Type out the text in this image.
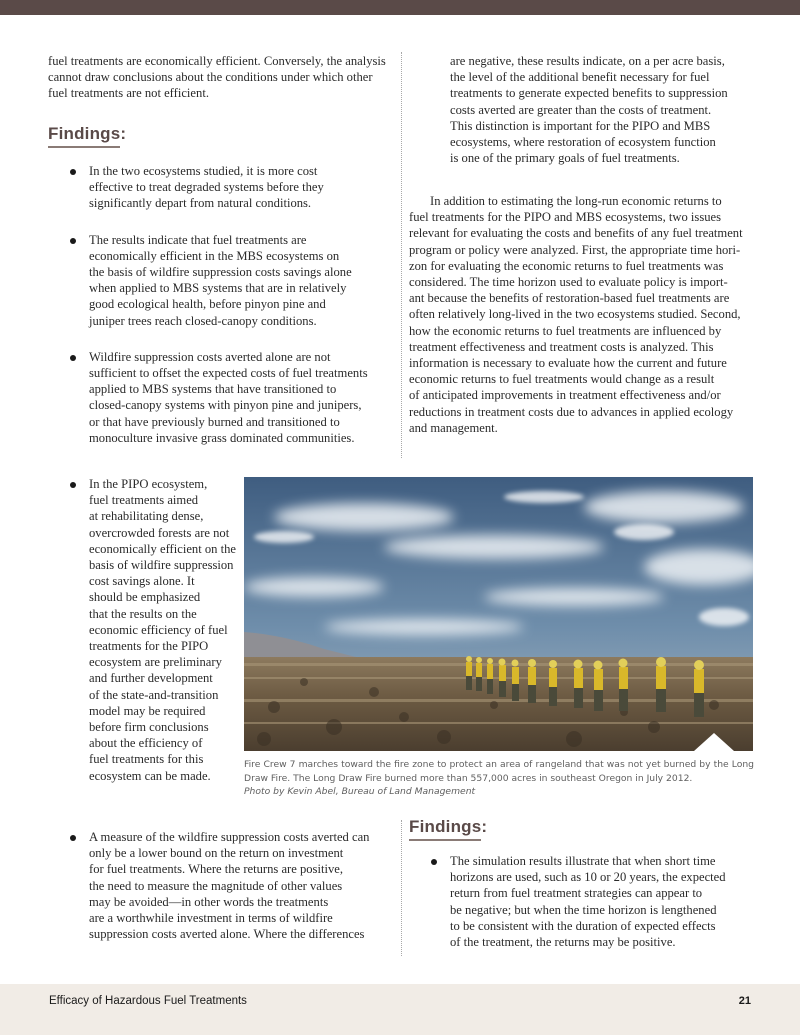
fuel treatments are economically efficient. Conversely, the analysis
cannot draw conclusions about the conditions under which other
fuel treatments are not efficient.
Findings:
In the two ecosystems studied, it is more cost
effective to treat degraded systems before they
significantly depart from natural conditions.
The results indicate that fuel treatments are
economically efficient in the MBS ecosystems on
the basis of wildfire suppression costs savings alone
when applied to MBS systems that are in relatively
good ecological health, before pinyon pine and
juniper trees reach closed-canopy conditions.
Wildfire suppression costs averted alone are not
sufficient to offset the expected costs of fuel treatments
applied to MBS systems that have transitioned to
closed-canopy systems with pinyon pine and junipers,
or that have previously burned and transitioned to
monoculture invasive grass dominated communities.
are negative, these results indicate, on a per acre basis,
the level of the additional benefit necessary for fuel
treatments to generate expected benefits to suppression
costs averted are greater than the costs of treatment.
This distinction is important for the PIPO and MBS
ecosystems, where restoration of ecosystem function
is one of the primary goals of fuel treatments.
In addition to estimating the long-run economic returns to
fuel treatments for the PIPO and MBS ecosystems, two issues
relevant for evaluating the costs and benefits of any fuel treatment
program or policy were analyzed. First, the appropriate time hori-
zon for evaluating the economic returns to fuel treatments was
considered. The time horizon used to evaluate policy is import-
ant because the benefits of restoration-based fuel treatments are
often relatively long-lived in the two ecosystems studied. Second,
how the economic returns to fuel treatments are influenced by
treatment effectiveness and treatment costs is analyzed. This
information is necessary to evaluate how the current and future
economic returns to fuel treatments would change as a result
of anticipated improvements in treatment effectiveness and/or
reductions in treatment costs due to advances in applied ecology
and management.
In the PIPO ecosystem,
fuel treatments aimed
at rehabilitating dense,
overcrowded forests are not
economically efficient on the
basis of wildfire suppression
cost savings alone. It
should be emphasized
that the results on the
economic efficiency of fuel
treatments for the PIPO
ecosystem are preliminary
and further development
of the state-and-transition
model may be required
before firm conclusions
about the efficiency of
fuel treatments for this
ecosystem can be made.
Fire Crew 7 marches toward the fire zone to protect an area of rangeland that was not yet burned by the Long Draw Fire. The Long Draw Fire burned more than 557,000 acres in southeast Oregon in July 2012.
Photo by Kevin Abel, Bureau of Land Management
A measure of the wildfire suppression costs averted can
only be a lower bound on the return on investment
for fuel treatments. Where the returns are positive,
the need to measure the magnitude of other values
may be avoided—in other words the treatments
are a worthwhile investment in terms of wildfire
suppression costs averted alone. Where the differences
Findings:
The simulation results illustrate that when short time
horizons are used, such as 10 or 20 years, the expected
return from fuel treatment strategies can appear to
be negative; but when the time horizon is lengthened
to be consistent with the duration of expected effects
of the treatment, the returns may be positive.
Efficacy of Hazardous Fuel Treatments	21
